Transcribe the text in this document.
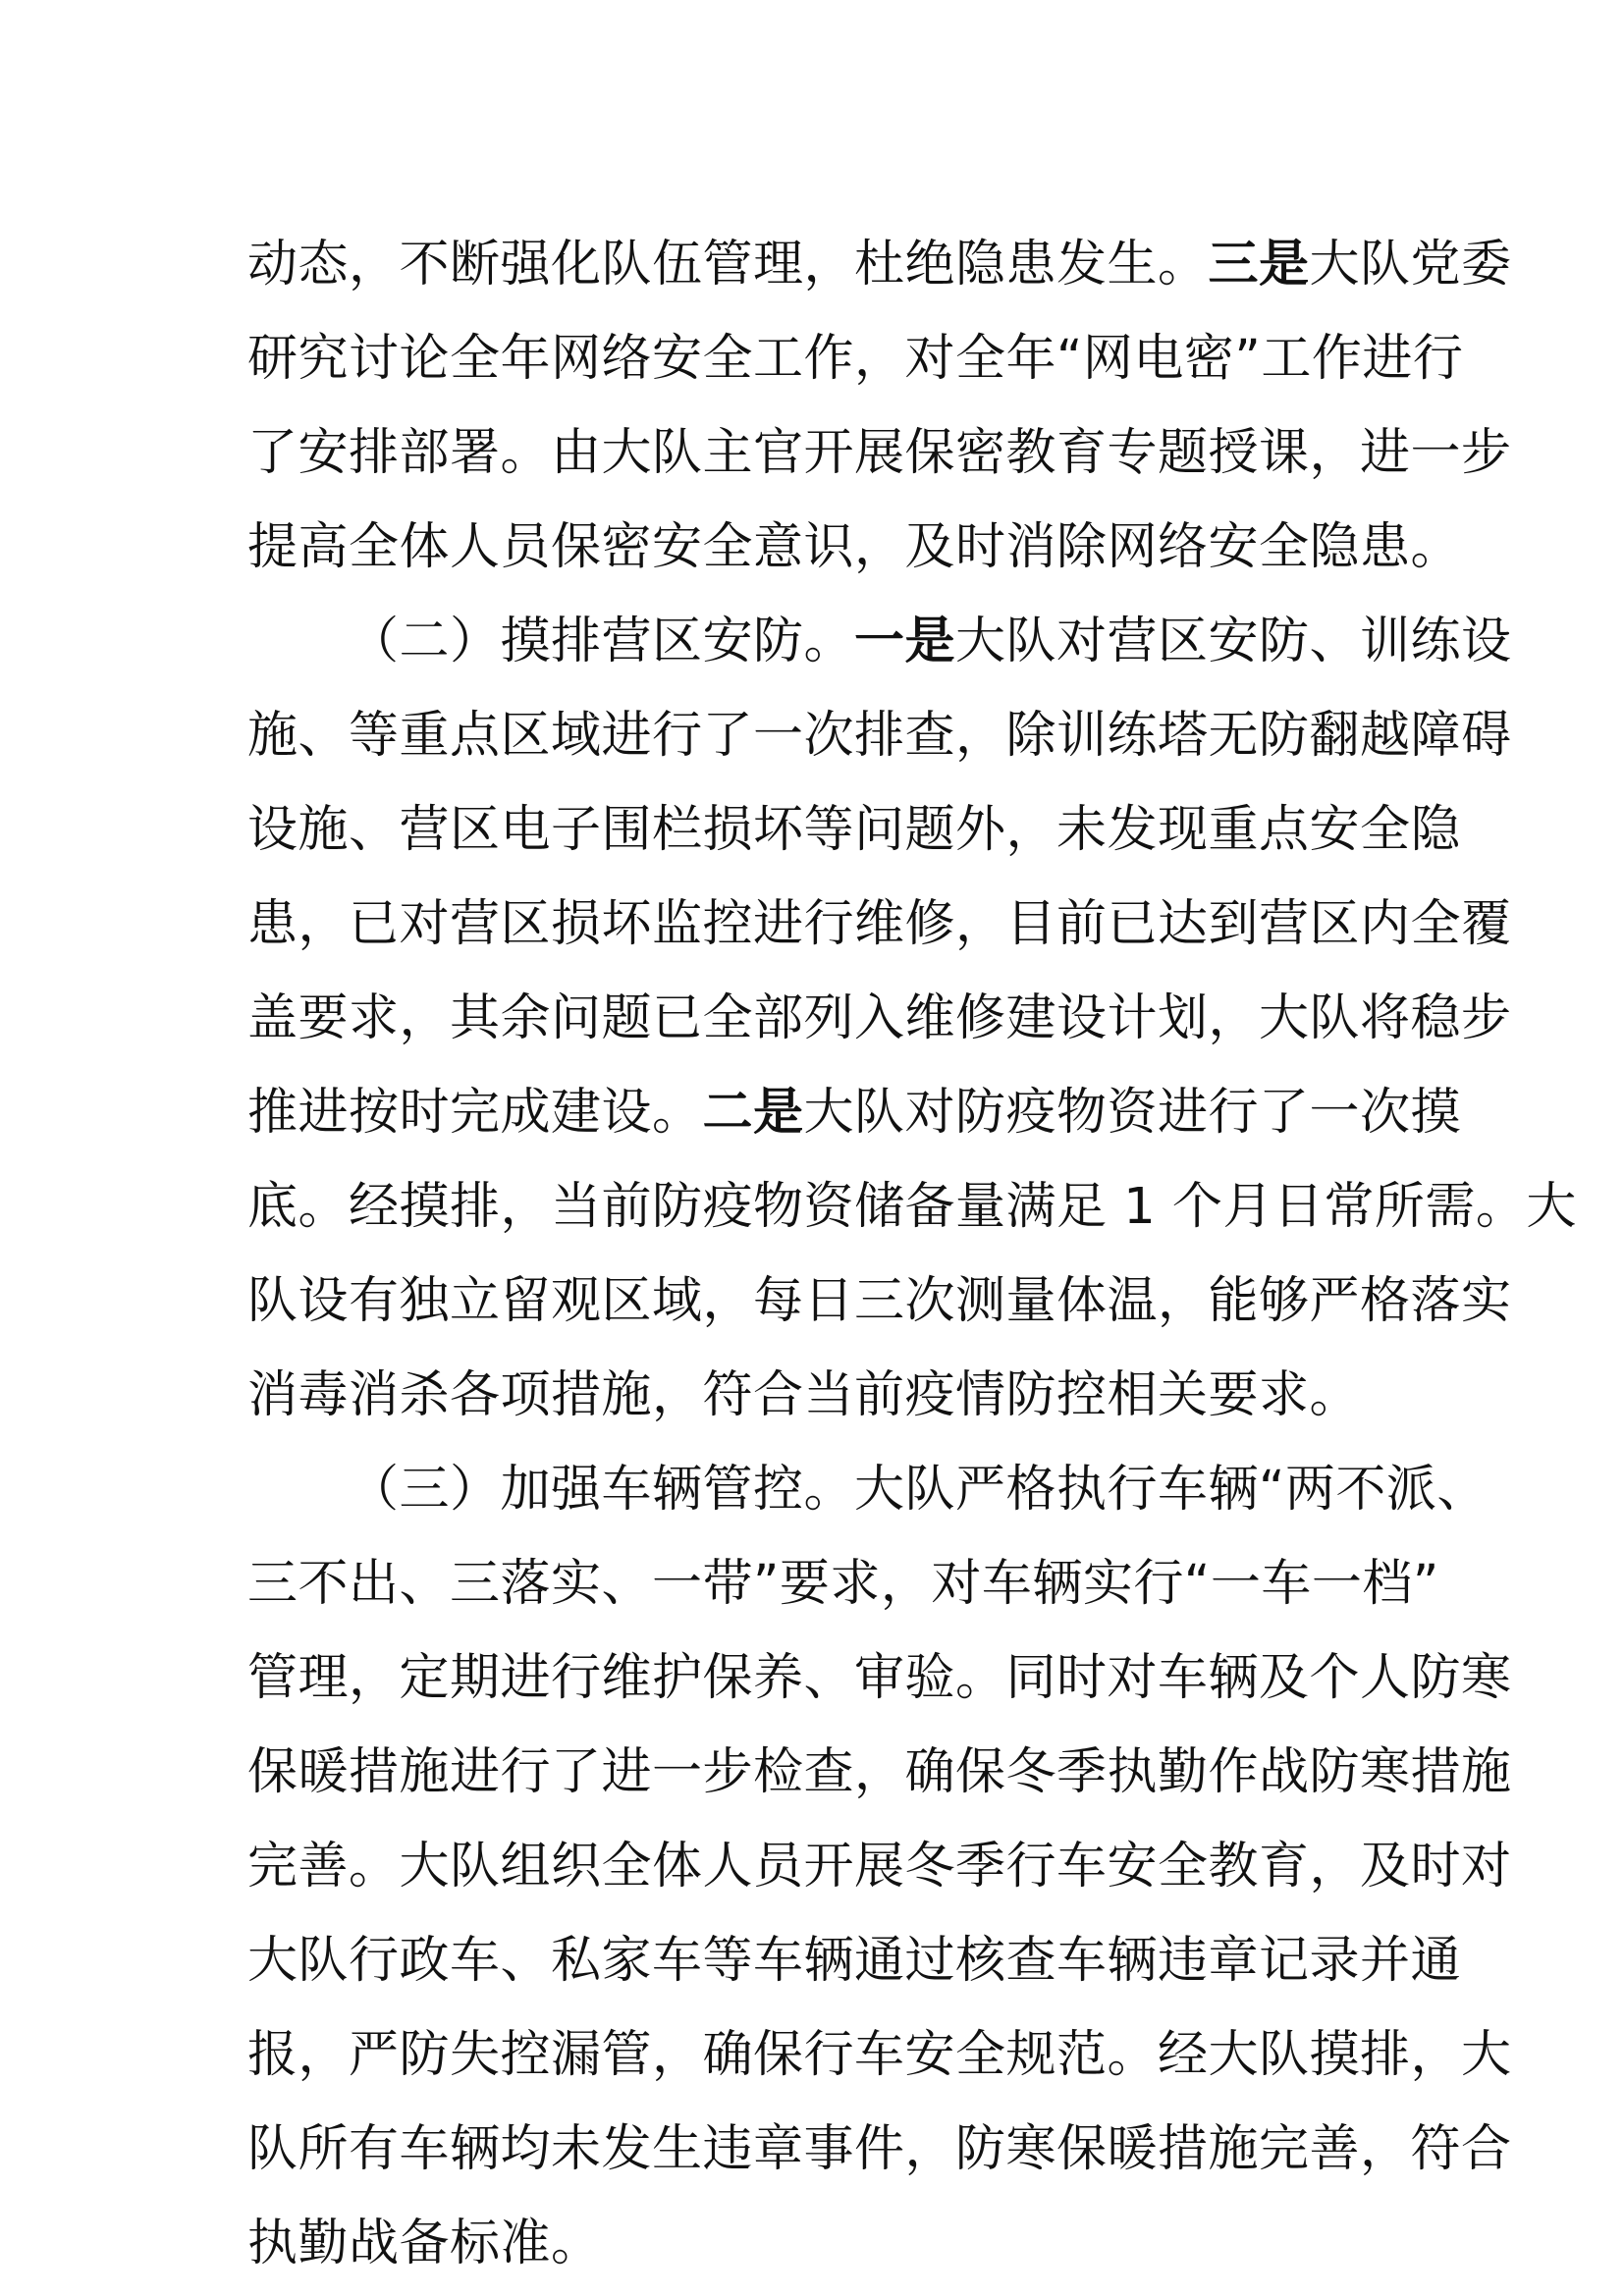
动态，不断强化队伍管理，杜绝隐患发生。三是大队党委
研究讨论全年网络安全工作，对全年“网电密”工作进行
了安排部署。由大队主官开展保密教育专题授课，进一步
提高全体人员保密安全意识，及时消除网络安全隐患。
（二）摸排营区安防。一是大队对营区安防、训练设
施、等重点区域进行了一次排查，除训练塔无防翻越障碍
设施、营区电子围栏损坏等问题外，未发现重点安全隐
患，已对营区损坏监控进行维修，目前已达到营区内全覆
盖要求，其余问题已全部列入维修建设计划，大队将稳步
推进按时完成建设。二是大队对防疫物资进行了一次摸
底。经摸排，当前防疫物资储备量满足 1 个月日常所需。大
队设有独立留观区域，每日三次测量体温，能够严格落实
消毒消杀各项措施，符合当前疫情防控相关要求。
（三）加强车辆管控。大队严格执行车辆“两不派、
三不出、三落实、一带”要求，对车辆实行“一车一档”
管理，定期进行维护保养、审验。同时对车辆及个人防寒
保暖措施进行了进一步检查，确保冬季执勤作战防寒措施
完善。大队组织全体人员开展冬季行车安全教育，及时对
大队行政车、私家车等车辆通过核查车辆违章记录并通
报，严防失控漏管，确保行车安全规范。经大队摸排，大
队所有车辆均未发生违章事件，防寒保暖措施完善，符合
执勤战备标准。
